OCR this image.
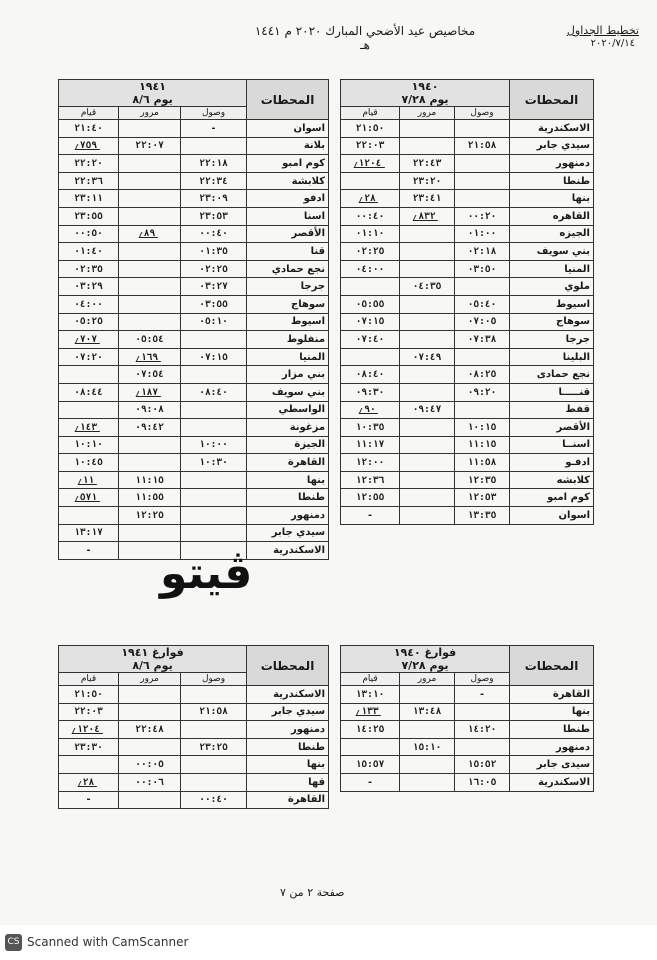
تخطيط الجداول
٢٠٢٠/٧/١٤
مخاصيص عيد الأضحي المبارك ٢٠٢٠ م ١٤٤١ هـ
المحطات	١٩٤٠
يوم ٧/٢٨		

	وصول	مرور	قيام
الاسكندرية			٢١:٥٠
سيدي جابر	٢١:٥٨		٢٢:٠٣
دمنهور		٢٢:٤٣	١٢٠٤
طنطا		٢٣:٢٠	
بنها		٢٣:٤١	٢٨
القاهره	٠٠:٢٠	٨٣٢	٠٠:٤٠
الجيزه	٠١:٠٠		٠١:١٠
بني سويف	٠٢:١٨		٠٢:٢٥
المنيا	٠٣:٥٠		٠٤:٠٠
ملوي		٠٤:٣٥	
اسيوط	٠٥:٤٠		٠٥:٥٥
سوهاج	٠٧:٠٥		٠٧:١٥
جرجا	٠٧:٣٨		٠٧:٤٠
البلينا		٠٧:٤٩	
نجع حمادى	٠٨:٢٥		٠٨:٤٠
قنـــــا	٠٩:٢٠		٠٩:٣٠
قفط		٠٩:٤٧	٩٠
الأقصر	١٠:١٥		١٠:٣٥
اسنــا	١١:١٥		١١:١٧
ادفـو	١١:٥٨		١٢:٠٠
كلابشه	١٢:٣٥		١٢:٣٦
كوم امبو	١٢:٥٣		١٢:٥٥
اسوان	١٣:٣٥		-
المحطات	١٩٤١
يوم ٨/٦		

	وصول	مرور	قيام
اسوان	-		٢١:٤٠
بلانة		٢٢:٠٧	٧٥٩
كوم امبو	٢٢:١٨		٢٢:٢٠
كلابشة	٢٢:٣٤		٢٢:٣٦
ادفو	٢٣:٠٩		٢٣:١١
اسنا	٢٣:٥٣		٢٣:٥٥
الأقصر	٠٠:٤٠	٨٩	٠٠:٥٠
قنا	٠١:٣٥		٠١:٤٠
نجع حمادي	٠٢:٢٥		٠٢:٣٥
جرجا	٠٣:٢٧		٠٣:٢٩
سوهاج	٠٣:٥٥		٠٤:٠٠
اسيوط	٠٥:١٠		٠٥:٢٥
منفلوط		٠٥:٥٤	٧٠٧
المنيا	٠٧:١٥	١٦٩	٠٧:٢٠
بني مزار		٠٧:٥٤	
بني سويف	٠٨:٤٠	١٨٧	٠٨:٤٤
الواسطي		٠٩:٠٨	
مزغونة		٠٩:٤٢	١٤٣
الجيزة	١٠:٠٠		١٠:١٠
القاهرة	١٠:٣٠		١٠:٤٥
بنها		١١:١٥	١١
طنطا		١١:٥٥	٥٧١
دمنهور		١٢:٢٥	
سيدي جابر			١٣:١٧
الاسكندرية			-
المحطات	فوارغ ١٩٤٠
يوم ٧/٢٨		

	وصول	مرور	قيام
القاهرة	-		١٣:١٠
بنها		١٣:٤٨	١٣٣
طنطا	١٤:٢٠		١٤:٢٥
دمنهور		١٥:١٠	
سيدى جابر	١٥:٥٢		١٥:٥٧
الاسكندرية	١٦:٠٥		-
المحطات	فوارغ ١٩٤١
يوم ٨/٦		

	وصول	مرور	قيام
الاسكندرية			٢١:٥٠
سيدي جابر	٢١:٥٨		٢٢:٠٣
دمنهور		٢٢:٤٨	١٢٠٤
طنطا	٢٣:٢٥		٢٣:٣٠
بنها		٠٠:٠٥	
قها		٠٠:٠٦	٢٨
القاهرة	٠٠:٤٠		-
ڤيتو
صفحة ٢ من ٧
CS Scanned with CamScanner
